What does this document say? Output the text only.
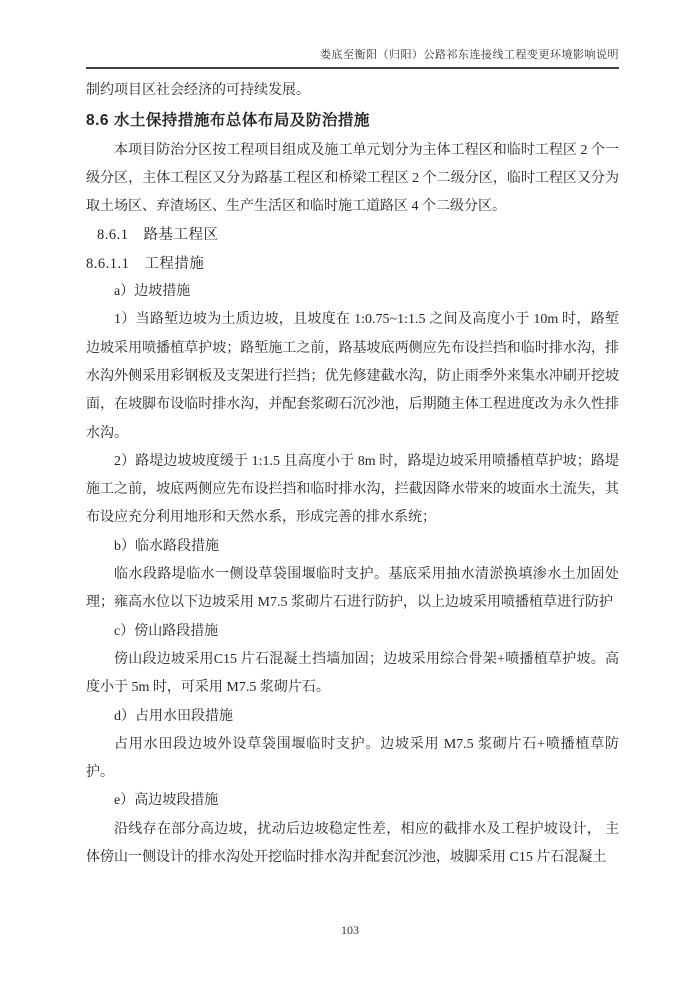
娄底至衡阳（归阳）公路祁东连接线工程变更环境影响说明
制约项目区社会经济的可持续发展。
8.6 水土保持措施布总体布局及防治措施
本项目防治分区按工程项目组成及施工单元划分为主体工程区和临时工程区 2 个一级分区，主体工程区又分为路基工程区和桥梁工程区 2 个二级分区，临时工程区又分为取土场区、弃渣场区、生产生活区和临时施工道路区 4 个二级分区。
8.6.1　路基工程区
8.6.1.1　工程措施
a）边坡措施
1）当路堑边坡为土质边坡，且坡度在 1:0.75~1:1.5 之间及高度小于 10m 时，路堑边坡采用喷播植草护坡；路堑施工之前，路基坡底两侧应先布设拦挡和临时排水沟，排水沟外侧采用彩钢板及支架进行拦挡；优先修建截水沟，防止雨季外来集水冲刷开挖坡面，在坡脚布设临时排水沟，并配套浆砌石沉沙池，后期随主体工程进度改为永久性排水沟。
2）路堤边坡坡度缓于 1:1.5 且高度小于 8m 时，路堤边坡采用喷播植草护坡；路堤施工之前，坡底两侧应先布设拦挡和临时排水沟，拦截因降水带来的坡面水土流失，其布设应充分利用地形和天然水系，形成完善的排水系统；
b）临水路段措施
临水段路堤临水一侧设草袋围堰临时支护。基底采用抽水清淤换填渗水土加固处理；雍高水位以下边坡采用 M7.5 浆砌片石进行防护，以上边坡采用喷播植草进行防护
c）傍山路段措施
傍山段边坡采用C15 片石混凝土挡墙加固；边坡采用综合骨架+喷播植草护坡。高度小于 5m 时，可采用 M7.5 浆砌片石。
d）占用水田段措施
占用水田段边坡外设草袋围堰临时支护。边坡采用 M7.5 浆砌片石+喷播植草防护。
e）高边坡段措施
沿线存在部分高边坡，扰动后边坡稳定性差，相应的截排水及工程护坡设计， 主体傍山一侧设计的排水沟处开挖临时排水沟并配套沉沙池，坡脚采用 C15 片石混凝土
103
